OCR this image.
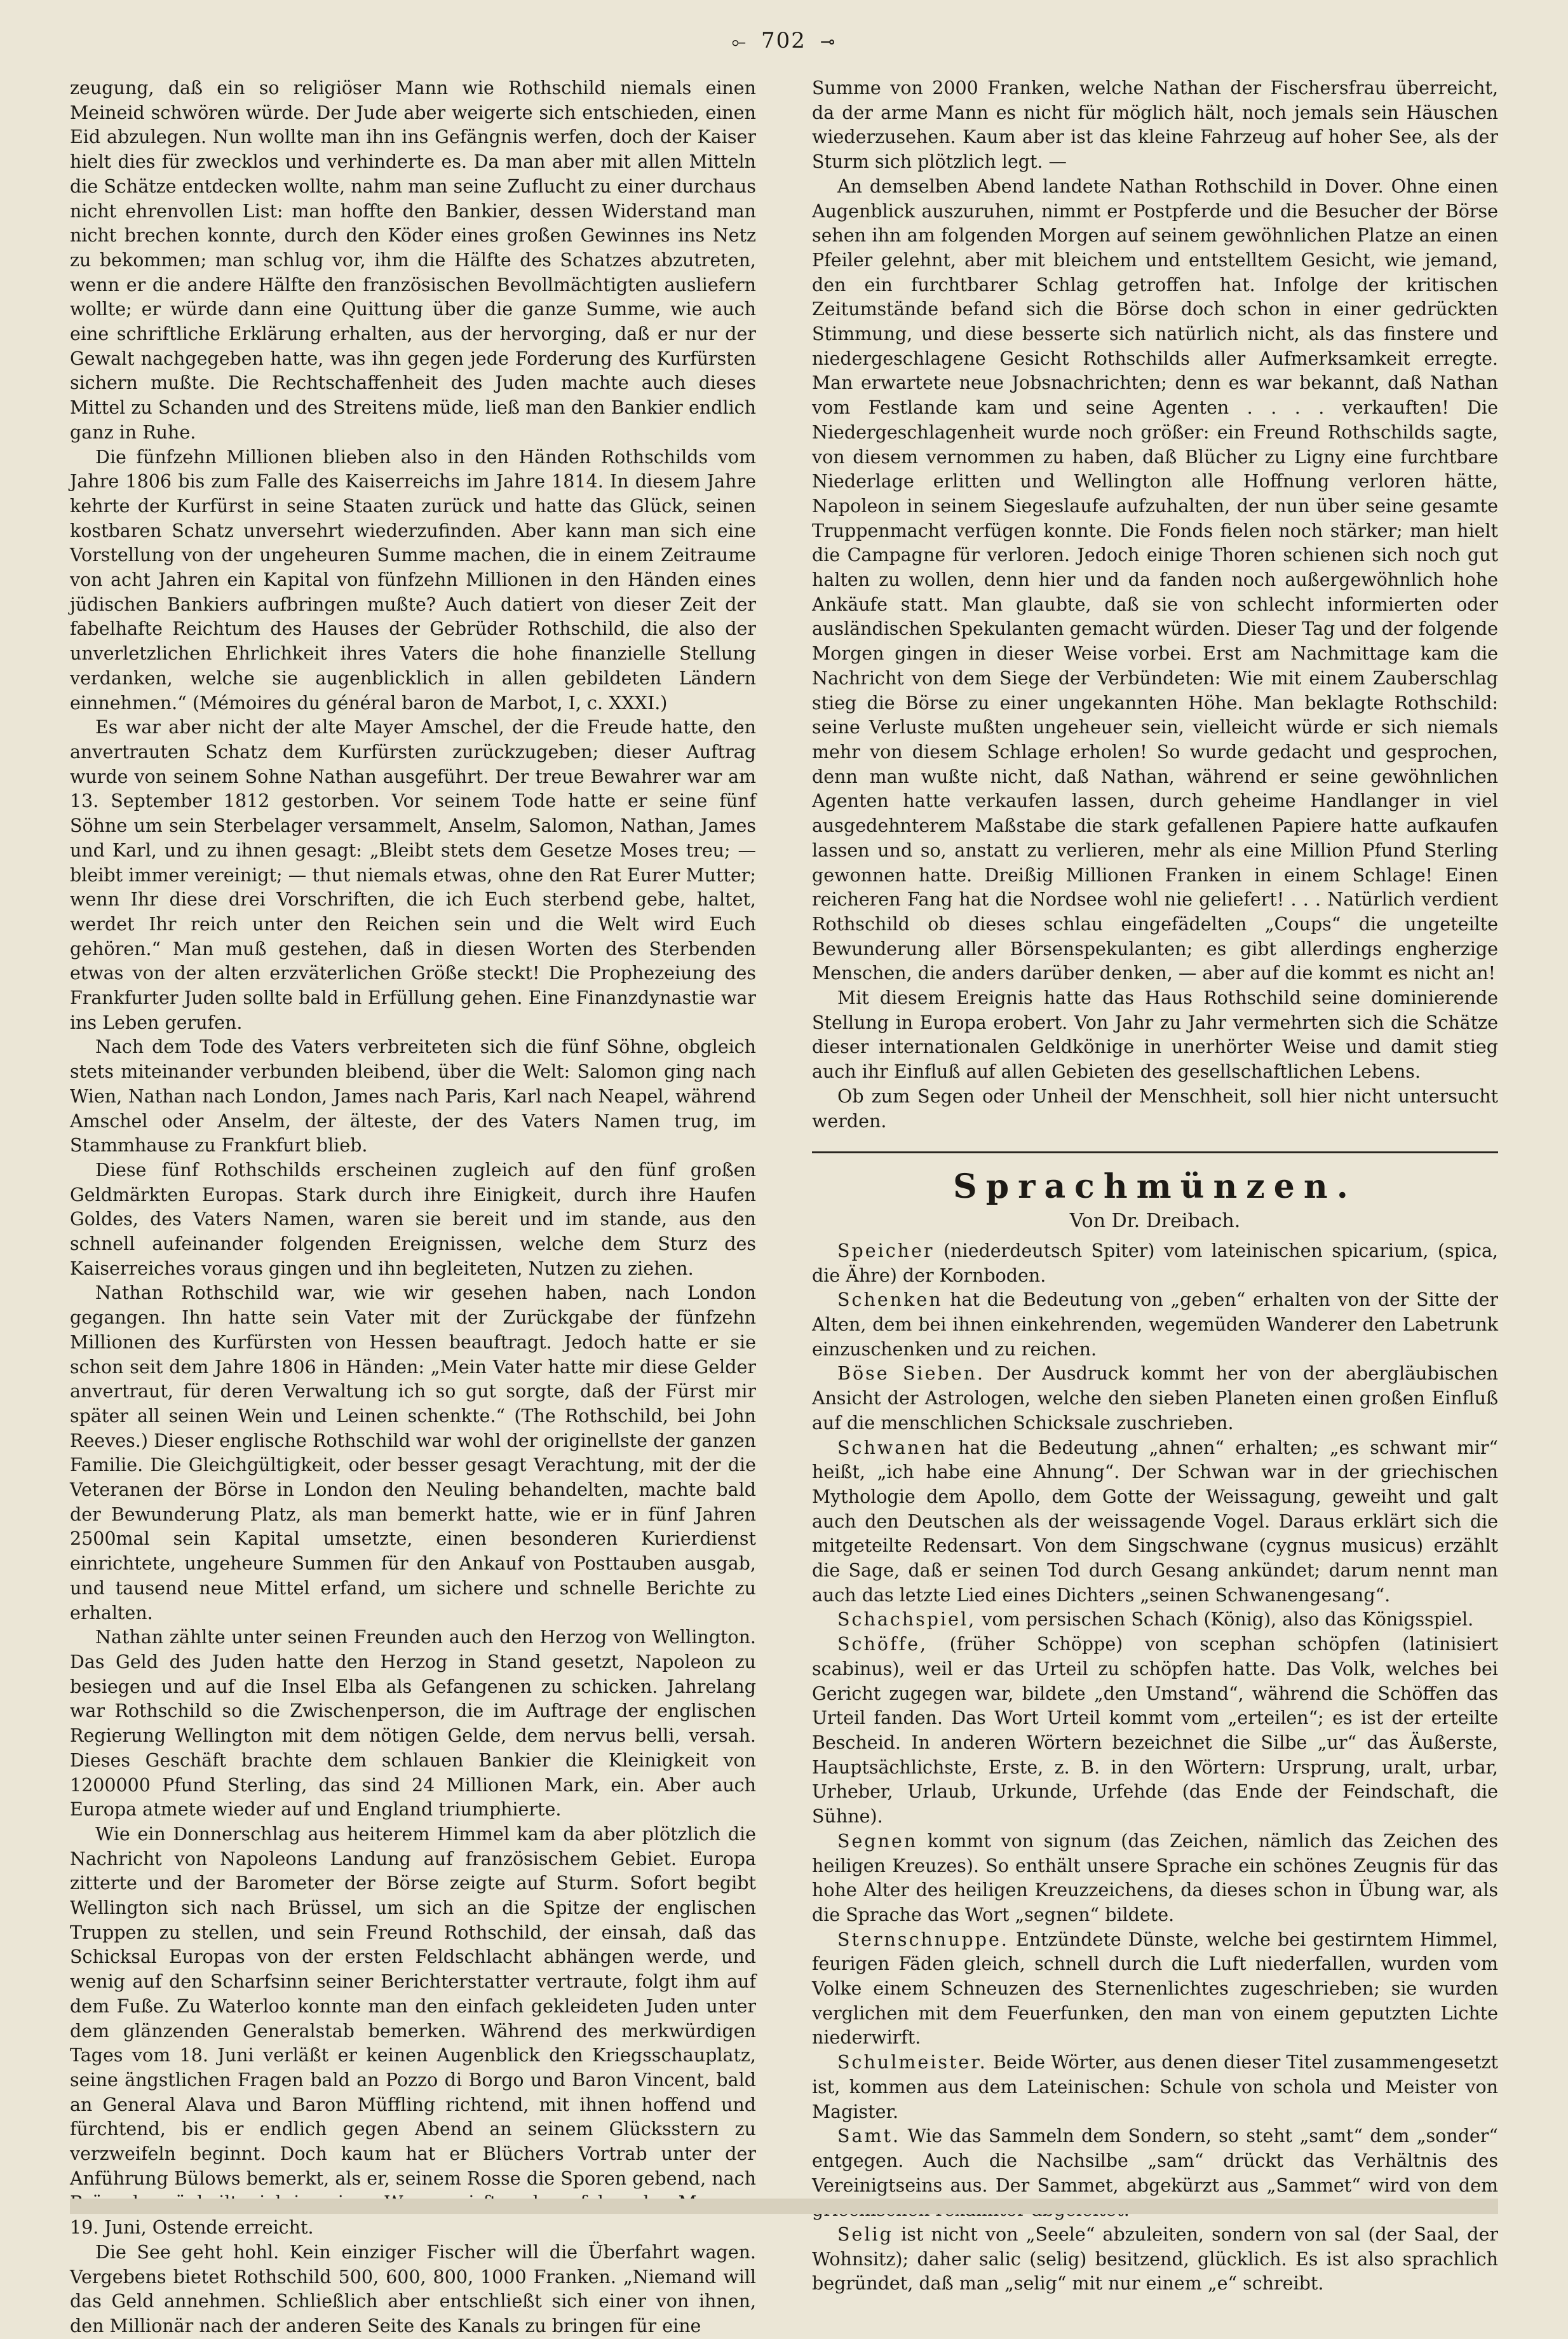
⟜ 702 ⊸

zeugung, daß ein so religiöser Mann wie Rothschild niemals einen Meineid schwören würde. Der Jude aber weigerte sich entschieden, einen Eid abzulegen. Nun wollte man ihn ins Gefängnis werfen, doch der Kaiser hielt dies für zwecklos und verhinderte es. Da man aber mit allen Mitteln die Schätze entdecken wollte, nahm man seine Zuflucht zu einer durchaus nicht ehrenvollen List: man hoffte den Bankier, dessen Widerstand man nicht brechen konnte, durch den Köder eines großen Gewinnes ins Netz zu bekommen; man schlug vor, ihm die Hälfte des Schatzes abzutreten, wenn er die andere Hälfte den französischen Bevollmächtigten ausliefern wollte; er würde dann eine Quittung über die ganze Summe, wie auch eine schriftliche Erklärung erhalten, aus der hervorging, daß er nur der Gewalt nachgegeben hatte, was ihn gegen jede Forderung des Kurfürsten sichern mußte. Die Rechtschaffenheit des Juden machte auch dieses Mittel zu Schanden und des Streitens müde, ließ man den Bankier endlich ganz in Ruhe.

Die fünfzehn Millionen blieben also in den Händen Rothschilds vom Jahre 1806 bis zum Falle des Kaiserreichs im Jahre 1814. In diesem Jahre kehrte der Kurfürst in seine Staaten zurück und hatte das Glück, seinen kostbaren Schatz unversehrt wiederzufinden. Aber kann man sich eine Vorstellung von der ungeheuren Summe machen, die in einem Zeitraume von acht Jahren ein Kapital von fünfzehn Millionen in den Händen eines jüdischen Bankiers aufbringen mußte? Auch datiert von dieser Zeit der fabelhafte Reichtum des Hauses der Gebrüder Rothschild, die also der unverletzlichen Ehrlichkeit ihres Vaters die hohe finanzielle Stellung verdanken, welche sie augenblicklich in allen gebildeten Ländern einnehmen.“ (Mémoires du général baron de Marbot, I, c. XXXI.)

Es war aber nicht der alte Mayer Amschel, der die Freude hatte, den anvertrauten Schatz dem Kurfürsten zurückzugeben; dieser Auftrag wurde von seinem Sohne Nathan ausgeführt. Der treue Bewahrer war am 13. September 1812 gestorben. Vor seinem Tode hatte er seine fünf Söhne um sein Sterbelager versammelt, Anselm, Salomon, Nathan, James und Karl, und zu ihnen gesagt: „Bleibt stets dem Gesetze Moses treu; — bleibt immer vereinigt; — thut niemals etwas, ohne den Rat Eurer Mutter; wenn Ihr diese drei Vorschriften, die ich Euch sterbend gebe, haltet, werdet Ihr reich unter den Reichen sein und die Welt wird Euch gehören.“ Man muß gestehen, daß in diesen Worten des Sterbenden etwas von der alten erzväterlichen Größe steckt! Die Prophezeiung des Frankfurter Juden sollte bald in Erfüllung gehen. Eine Finanzdynastie war ins Leben gerufen.

Nach dem Tode des Vaters verbreiteten sich die fünf Söhne, obgleich stets miteinander verbunden bleibend, über die Welt: Salomon ging nach Wien, Nathan nach London, James nach Paris, Karl nach Neapel, während Amschel oder Anselm, der älteste, der des Vaters Namen trug, im Stammhause zu Frankfurt blieb.

Diese fünf Rothschilds erscheinen zugleich auf den fünf großen Geldmärkten Europas. Stark durch ihre Einigkeit, durch ihre Haufen Goldes, des Vaters Namen, waren sie bereit und im stande, aus den schnell aufeinander folgenden Ereignissen, welche dem Sturz des Kaiserreiches voraus gingen und ihn begleiteten, Nutzen zu ziehen.

Nathan Rothschild war, wie wir gesehen haben, nach London gegangen. Ihn hatte sein Vater mit der Zurückgabe der fünfzehn Millionen des Kurfürsten von Hessen beauftragt. Jedoch hatte er sie schon seit dem Jahre 1806 in Händen: „Mein Vater hatte mir diese Gelder anvertraut, für deren Verwaltung ich so gut sorgte, daß der Fürst mir später all seinen Wein und Leinen schenkte.“ (The Rothschild, bei John Reeves.) Dieser englische Rothschild war wohl der originellste der ganzen Familie. Die Gleichgültigkeit, oder besser gesagt Verachtung, mit der die Veteranen der Börse in London den Neuling behandelten, machte bald der Bewunderung Platz, als man bemerkt hatte, wie er in fünf Jahren 2500mal sein Kapital umsetzte, einen besonderen Kurierdienst einrichtete, ungeheure Summen für den Ankauf von Posttauben ausgab, und tausend neue Mittel erfand, um sichere und schnelle Berichte zu erhalten.

Nathan zählte unter seinen Freunden auch den Herzog von Wellington. Das Geld des Juden hatte den Herzog in Stand gesetzt, Napoleon zu besiegen und auf die Insel Elba als Gefangenen zu schicken. Jahrelang war Rothschild so die Zwischenperson, die im Auftrage der englischen Regierung Wellington mit dem nötigen Gelde, dem nervus belli, versah. Dieses Geschäft brachte dem schlauen Bankier die Kleinigkeit von 1200000 Pfund Sterling, das sind 24 Millionen Mark, ein. Aber auch Europa atmete wieder auf und England triumphierte.

Wie ein Donnerschlag aus heiterem Himmel kam da aber plötzlich die Nachricht von Napoleons Landung auf französischem Gebiet. Europa zitterte und der Barometer der Börse zeigte auf Sturm. Sofort begibt Wellington sich nach Brüssel, um sich an die Spitze der englischen Truppen zu stellen, und sein Freund Rothschild, der einsah, daß das Schicksal Europas von der ersten Feldschlacht abhängen werde, und wenig auf den Scharfsinn seiner Berichterstatter vertraute, folgt ihm auf dem Fuße. Zu Waterloo konnte man den einfach gekleideten Juden unter dem glänzenden Generalstab bemerken. Während des merkwürdigen Tages vom 18. Juni verläßt er keinen Augenblick den Kriegsschauplatz, seine ängstlichen Fragen bald an Pozzo di Borgo und Baron Vincent, bald an General Alava und Baron Müffling richtend, mit ihnen hoffend und fürchtend, bis er endlich gegen Abend an seinem Glücksstern zu verzweifeln beginnt. Doch kaum hat er Blüchers Vortrab unter der Anführung Bülows bemerkt, als er, seinem Rosse die Sporen gebend, nach 19. Juni, Ostende erreicht.

Die See geht hohl. Kein einziger Fischer will die Überfahrt wagen. Vergebens bietet Rothschild 500, 600, 800, 1000 Franken. „Niemand will das Geld annehmen. Schließlich aber entschließt sich einer von ihnen, den Millionär nach der anderen Seite des Kanals zu bringen für eine

Summe von 2000 Franken, welche Nathan der Fischersfrau überreicht, da der arme Mann es nicht für möglich hält, noch jemals sein Häuschen wiederzusehen. Kaum aber ist das kleine Fahrzeug auf hoher See, als der Sturm sich plötzlich legt. —

An demselben Abend landete Nathan Rothschild in Dover. Ohne einen Augenblick auszuruhen, nimmt er Postpferde und die Besucher der Börse sehen ihn am folgenden Morgen auf seinem gewöhnlichen Platze an einen Pfeiler gelehnt, aber mit bleichem und entstelltem Gesicht, wie jemand, den ein furchtbarer Schlag getroffen hat. Infolge der kritischen Zeitumstände befand sich die Börse doch schon in einer gedrückten Stimmung, und diese besserte sich natürlich nicht, als das finstere und niedergeschlagene Gesicht Rothschilds aller Aufmerksamkeit erregte. Man erwartete neue Jobsnachrichten; denn es war bekannt, daß Nathan vom Festlande kam und seine Agenten . . . . verkauften! Die Niedergeschlagenheit wurde noch größer: ein Freund Rothschilds sagte, von diesem vernommen zu haben, daß Blücher zu Ligny eine furchtbare Niederlage erlitten und Wellington alle Hoffnung verloren hätte, Napoleon in seinem Siegeslaufe aufzuhalten, der nun über seine gesamte Truppenmacht verfügen konnte. Die Fonds fielen noch stärker; man hielt die Campagne für verloren. Jedoch einige Thoren schienen sich noch gut halten zu wollen, denn hier und da fanden noch außergewöhnlich hohe Ankäufe statt. Man glaubte, daß sie von schlecht informierten oder ausländischen Spekulanten gemacht würden. Dieser Tag und der folgende Morgen gingen in dieser Weise vorbei. Erst am Nachmittage kam die Nachricht von dem Siege der Verbündeten: Wie mit einem Zauberschlag stieg die Börse zu einer ungekannten Höhe. Man beklagte Rothschild: seine Verluste mußten ungeheuer sein, vielleicht würde er sich niemals mehr von diesem Schlage erholen! So wurde gedacht und gesprochen, denn man wußte nicht, daß Nathan, während er seine gewöhnlichen Agenten hatte verkaufen lassen, durch geheime Handlanger in viel ausgedehnterem Maßstabe die stark gefallenen Papiere hatte aufkaufen lassen und so, anstatt zu verlieren, mehr als eine Million Pfund Sterling gewonnen hatte. Dreißig Millionen Franken in einem Schlage! Einen reicheren Fang hat die Nordsee wohl nie geliefert! . . . Natürlich verdient Rothschild ob dieses schlau eingefädelten „Coups“ die ungeteilte Bewunderung aller Börsenspekulanten; es gibt allerdings engherzige Menschen, die anders darüber denken, — aber auf die kommt es nicht an!

Mit diesem Ereignis hatte das Haus Rothschild seine dominierende Stellung in Europa erobert. Von Jahr zu Jahr vermehrten sich die Schätze dieser internationalen Geldkönige in unerhörter Weise und damit stieg auch ihr Einfluß auf allen Gebieten des gesellschaftlichen Lebens.

Ob zum Segen oder Unheil der Menschheit, soll hier nicht untersucht werden.

Sprachmünzen.
Von Dr. Dreibach.

Speicher (niederdeutsch Spiter) vom lateinischen spicarium, (spica, die Ähre) der Kornboden.

Schenken hat die Bedeutung von „geben“ erhalten von der Sitte der Alten, dem bei ihnen einkehrenden, wegemüden Wanderer den Labetrunk einzuschenken und zu reichen.

Böse Sieben. Der Ausdruck kommt her von der abergläubischen Ansicht der Astrologen, welche den sieben Planeten einen großen Einfluß auf die menschlichen Schicksale zuschrieben.

Schwanen hat die Bedeutung „ahnen“ erhalten; „es schwant mir“ heißt, „ich habe eine Ahnung“. Der Schwan war in der griechischen Mythologie dem Apollo, dem Gotte der Weissagung, geweiht und galt auch den Deutschen als der weissagende Vogel. Daraus erklärt sich die mitgeteilte Redensart. Von dem Singschwane (cygnus musicus) erzählt die Sage, daß er seinen Tod durch Gesang ankündet; darum nennt man auch das letzte Lied eines Dichters „seinen Schwanengesang“.

Schachspiel, vom persischen Schach (König), also das Königsspiel.

Schöffe, (früher Schöppe) von scephan schöpfen (latinisiert scabinus), weil er das Urteil zu schöpfen hatte. Das Volk, welches bei Gericht zugegen war, bildete „den Umstand“, während die Schöffen das Urteil fanden. Das Wort Urteil kommt vom „erteilen“; es ist der erteilte Bescheid. In anderen Wörtern bezeichnet die Silbe „ur“ das Äußerste, Hauptsächlichste, Erste, z. B. in den Wörtern: Ursprung, uralt, urbar, Urheber, Urlaub, Urkunde, Urfehde (das Ende der Feindschaft, die Sühne).

Segnen kommt von signum (das Zeichen, nämlich das Zeichen des heiligen Kreuzes). So enthält unsere Sprache ein schönes Zeugnis für das hohe Alter des heiligen Kreuzzeichens, da dieses schon in Übung war, als die Sprache das Wort „segnen“ bildete.

Sternschnuppe. Entzündete Dünste, welche bei gestirntem Himmel, feurigen Fäden gleich, schnell durch die Luft niederfallen, wurden vom Volke einem Schneuzen des Sternenlichtes zugeschrieben; sie wurden verglichen mit dem Feuerfunken, den man von einem geputzten Lichte niederwirft.

Schulmeister. Beide Wörter, aus denen dieser Titel zusammengesetzt ist, kommen aus dem Lateinischen: Schule von schola und Meister von Magister.

Samt. Wie das Sammeln dem Sondern, so steht „samt“ dem „sonder“ entgegen. Auch die Nachsilbe „sam“ drückt das Verhältnis des Vereinigtseins aus. Der Sammet, abgekürzt aus „Sammet“ wird von dem

Selig ist nicht von „Seele“ abzuleiten, sondern von sal (der Saal, der Wohnsitz); daher salic (selig) besitzend, glücklich. Es ist also sprachlich begründet, daß man „selig“ mit nur einem „e“ schreibt.
